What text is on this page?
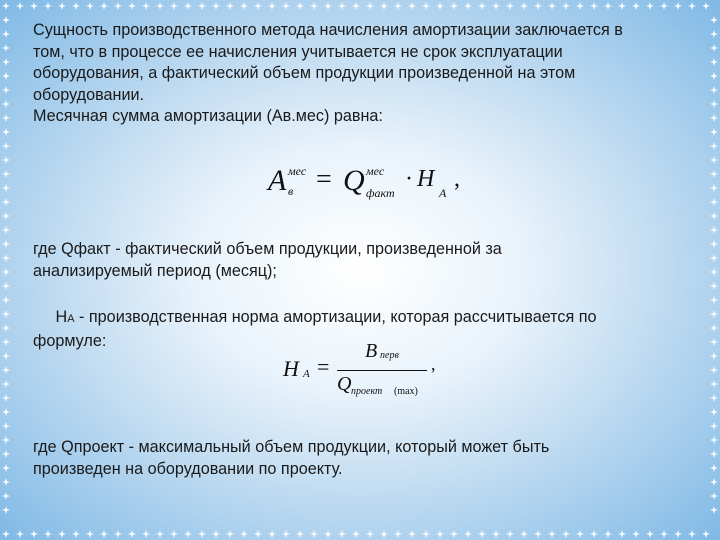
Сущность производственного метода начисления амортизации заключается в
том, что в процессе ее начисления учитывается не срок эксплуатации
оборудования, а фактический объем продукции произведенной на этом
оборудовании.
Месячная сумма амортизации (Ав.мес) равна:
A мес
в = Q мес
факт
· H
A
,
где Qфакт - фактический объем продукции, произведенной за
анализируемый период (месяц);
НА - производственная норма амортизации, которая рассчитывается по
формуле:
H A =
B перв
Q проект (max)
,
где Qпроект - максимальный объем продукции, который может быть
произведен на оборудовании по проекту.
